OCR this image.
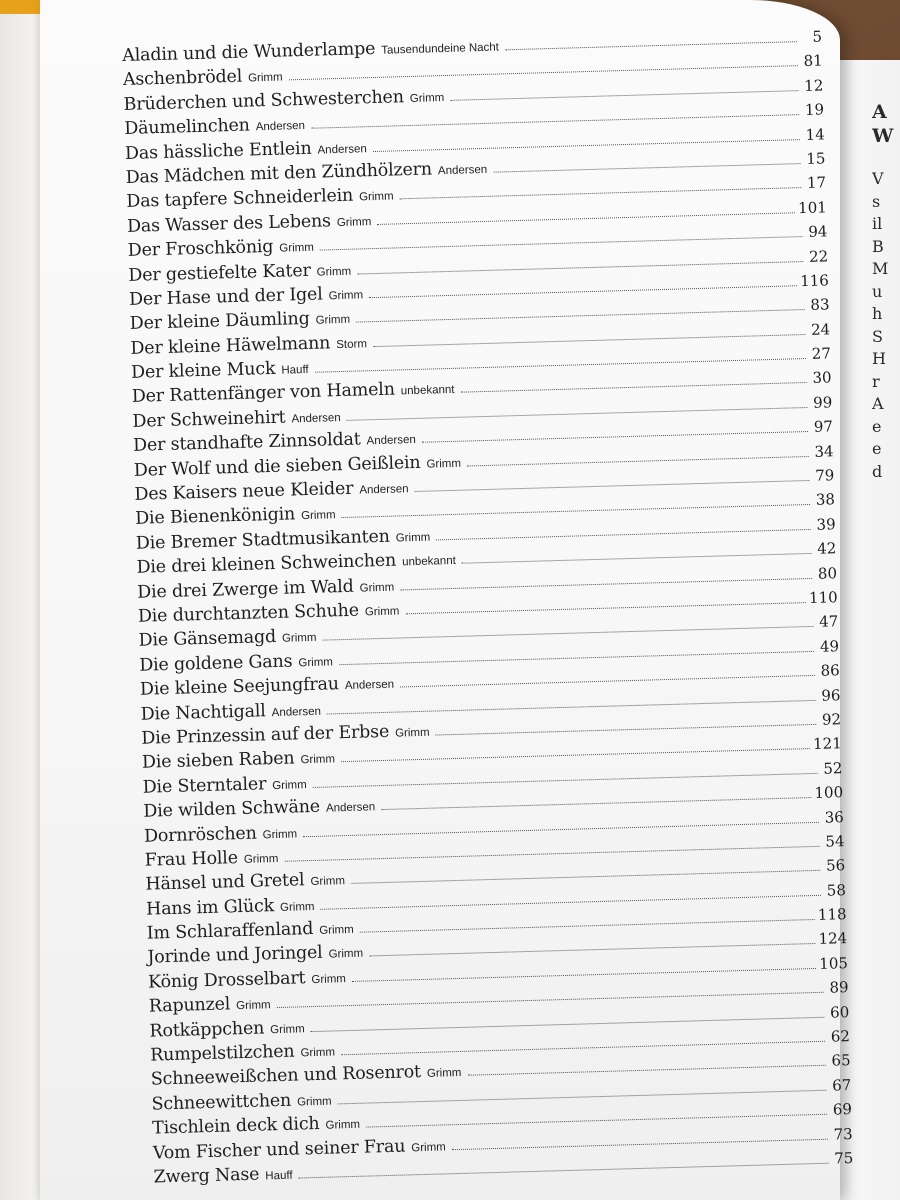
A
W
V
s
il
B
M
u
h
S
H
r
A
e
e
d
Aladin und die Wunderlampe Tausendundeine Nacht
5
Aschenbrödel Grimm
81
Brüderchen und Schwesterchen Grimm
12
Däumelinchen Andersen
19
Das hässliche Entlein Andersen
14
Das Mädchen mit den Zündhölzern Andersen
15
Das tapfere Schneiderlein Grimm
17
Das Wasser des Lebens Grimm
101
Der Froschkönig Grimm
94
Der gestiefelte Kater Grimm
22
Der Hase und der Igel Grimm
116
Der kleine Däumling Grimm
83
Der kleine Häwelmann Storm
24
Der kleine Muck Hauff
27
Der Rattenfänger von Hameln unbekannt
30
Der Schweinehirt Andersen
99
Der standhafte Zinnsoldat Andersen
97
Der Wolf und die sieben Geißlein Grimm
34
Des Kaisers neue Kleider Andersen
79
Die Bienenkönigin Grimm
38
Die Bremer Stadtmusikanten Grimm
39
Die drei kleinen Schweinchen unbekannt
42
Die drei Zwerge im Wald Grimm
80
Die durchtanzten Schuhe Grimm
110
Die Gänsemagd Grimm
47
Die goldene Gans Grimm
49
Die kleine Seejungfrau Andersen
86
Die Nachtigall Andersen
96
Die Prinzessin auf der Erbse Grimm
92
Die sieben Raben Grimm
121
Die Sterntaler Grimm
52
Die wilden Schwäne Andersen
100
Dornröschen Grimm
36
Frau Holle Grimm
54
Hänsel und Gretel Grimm
56
Hans im Glück Grimm
58
Im Schlaraffenland Grimm
118
Jorinde und Joringel Grimm
124
König Drosselbart Grimm
105
Rapunzel Grimm
89
Rotkäppchen Grimm
60
Rumpelstilzchen Grimm
62
Schneeweißchen und Rosenrot Grimm
65
Schneewittchen Grimm
67
Tischlein deck dich Grimm
69
Vom Fischer und seiner Frau Grimm
73
Zwerg Nase Hauff
75
